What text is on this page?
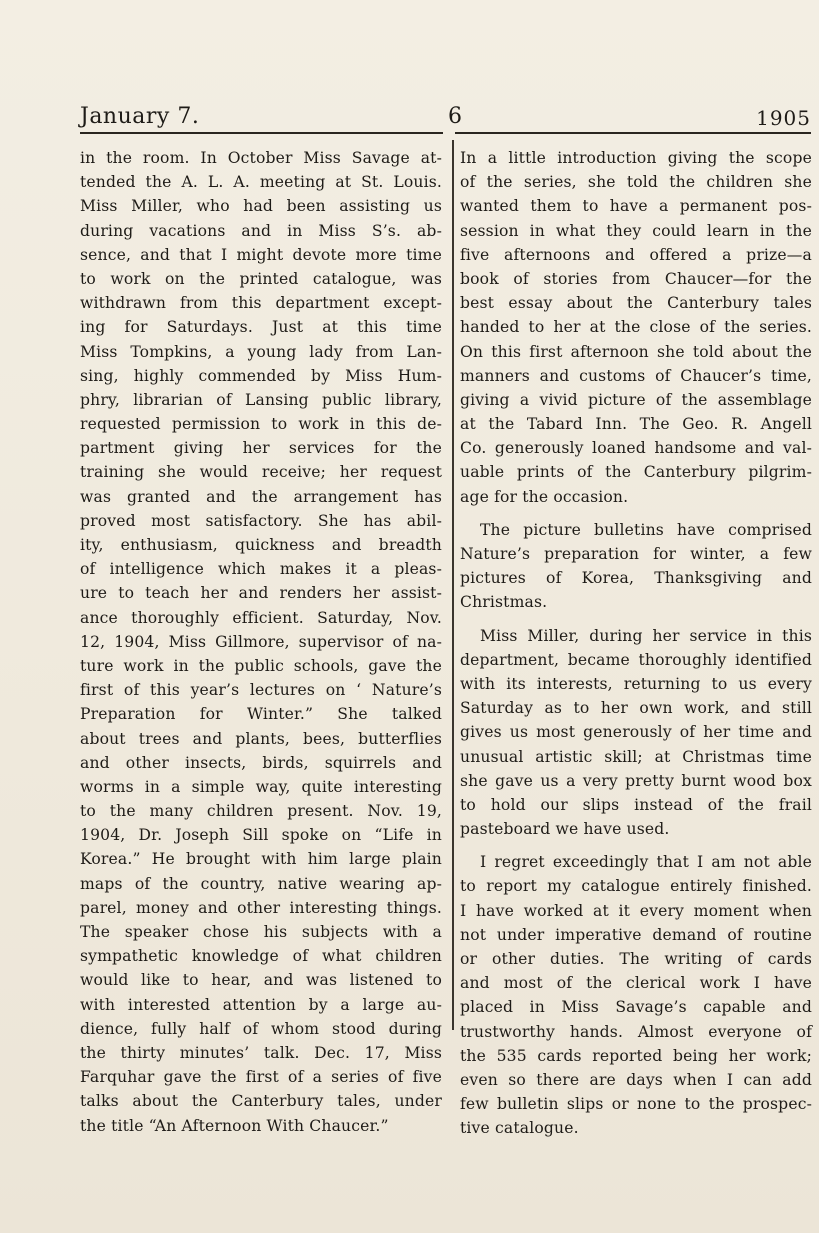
January 7.	6	1905
in the room. In October Miss Savage at-
tended the A. L. A. meeting at St. Louis.
Miss Miller, who had been assisting us
during vacations and in Miss S’s. ab-
sence, and that I might devote more time
to work on the printed catalogue, was
withdrawn from this department except-
ing for Saturdays. Just at this time
Miss Tompkins, a young lady from Lan-
sing, highly commended by Miss Hum-
phry, librarian of Lansing public library,
requested permission to work in this de-
partment giving her services for the
training she would receive; her request
was granted and the arrangement has
proved most satisfactory. She has abil-
ity, enthusiasm, quickness and breadth
of intelligence which makes it a pleas-
ure to teach her and renders her assist-
ance thoroughly efficient. Saturday, Nov.
12, 1904, Miss Gillmore, supervisor of na-
ture work in the public schools, gave the
first of this year’s lectures on ‘ Nature’s
Preparation for Winter.” She talked
about trees and plants, bees, butterflies
and other insects, birds, squirrels and
worms in a simple way, quite interesting
to the many children present. Nov. 19,
1904, Dr. Joseph Sill spoke on “Life in
Korea.” He brought with him large plain
maps of the country, native wearing ap-
parel, money and other interesting things.
The speaker chose his subjects with a
sympathetic knowledge of what children
would like to hear, and was listened to
with interested attention by a large au-
dience, fully half of whom stood during
the thirty minutes’ talk. Dec. 17, Miss
Farquhar gave the first of a series of five
talks about the Canterbury tales, under
the title “An Afternoon With Chaucer.”
In a little introduction giving the scope
of the series, she told the children she
wanted them to have a permanent pos-
session in what they could learn in the
five afternoons and offered a prize—a
book of stories from Chaucer—for the
best essay about the Canterbury tales
handed to her at the close of the series.
On this first afternoon she told about the
manners and customs of Chaucer’s time,
giving a vivid picture of the assemblage
at the Tabard Inn. The Geo. R. Angell
Co. generously loaned handsome and val-
uable prints of the Canterbury pilgrim-
age for the occasion.
The picture bulletins have comprised
Nature’s preparation for winter, a few
pictures of Korea, Thanksgiving and
Christmas.
Miss Miller, during her service in this
department, became thoroughly identified
with its interests, returning to us every
Saturday as to her own work, and still
gives us most generously of her time and
unusual artistic skill; at Christmas time
she gave us a very pretty burnt wood box
to hold our slips instead of the frail
pasteboard we have used.
I regret exceedingly that I am not able
to report my catalogue entirely finished.
I have worked at it every moment when
not under imperative demand of routine
or other duties. The writing of cards
and most of the clerical work I have
placed in Miss Savage’s capable and
trustworthy hands. Almost everyone of
the 535 cards reported being her work;
even so there are days when I can add
few bulletin slips or none to the prospec-
tive catalogue.
